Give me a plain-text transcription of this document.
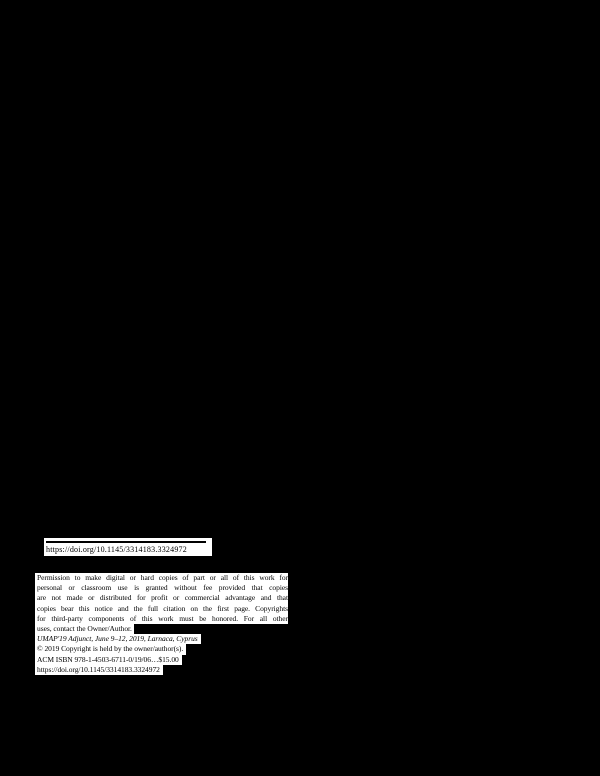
https://doi.org/10.1145/3314183.3324972
Permission to make digital or hard copies of part or all of this work for
personal or classroom use is granted without fee provided that copies
are not made or distributed for profit or commercial advantage and that
copies bear this notice and the full citation on the first page. Copyrights
for third-party components of this work must be honored. For all other
uses, contact the Owner/Author.
UMAP'19 Adjunct, June 9–12, 2019, Larnaca, Cyprus
© 2019 Copyright is held by the owner/author(s).
ACM ISBN 978-1-4503-6711-0/19/06…$15.00
https://doi.org/10.1145/3314183.3324972
